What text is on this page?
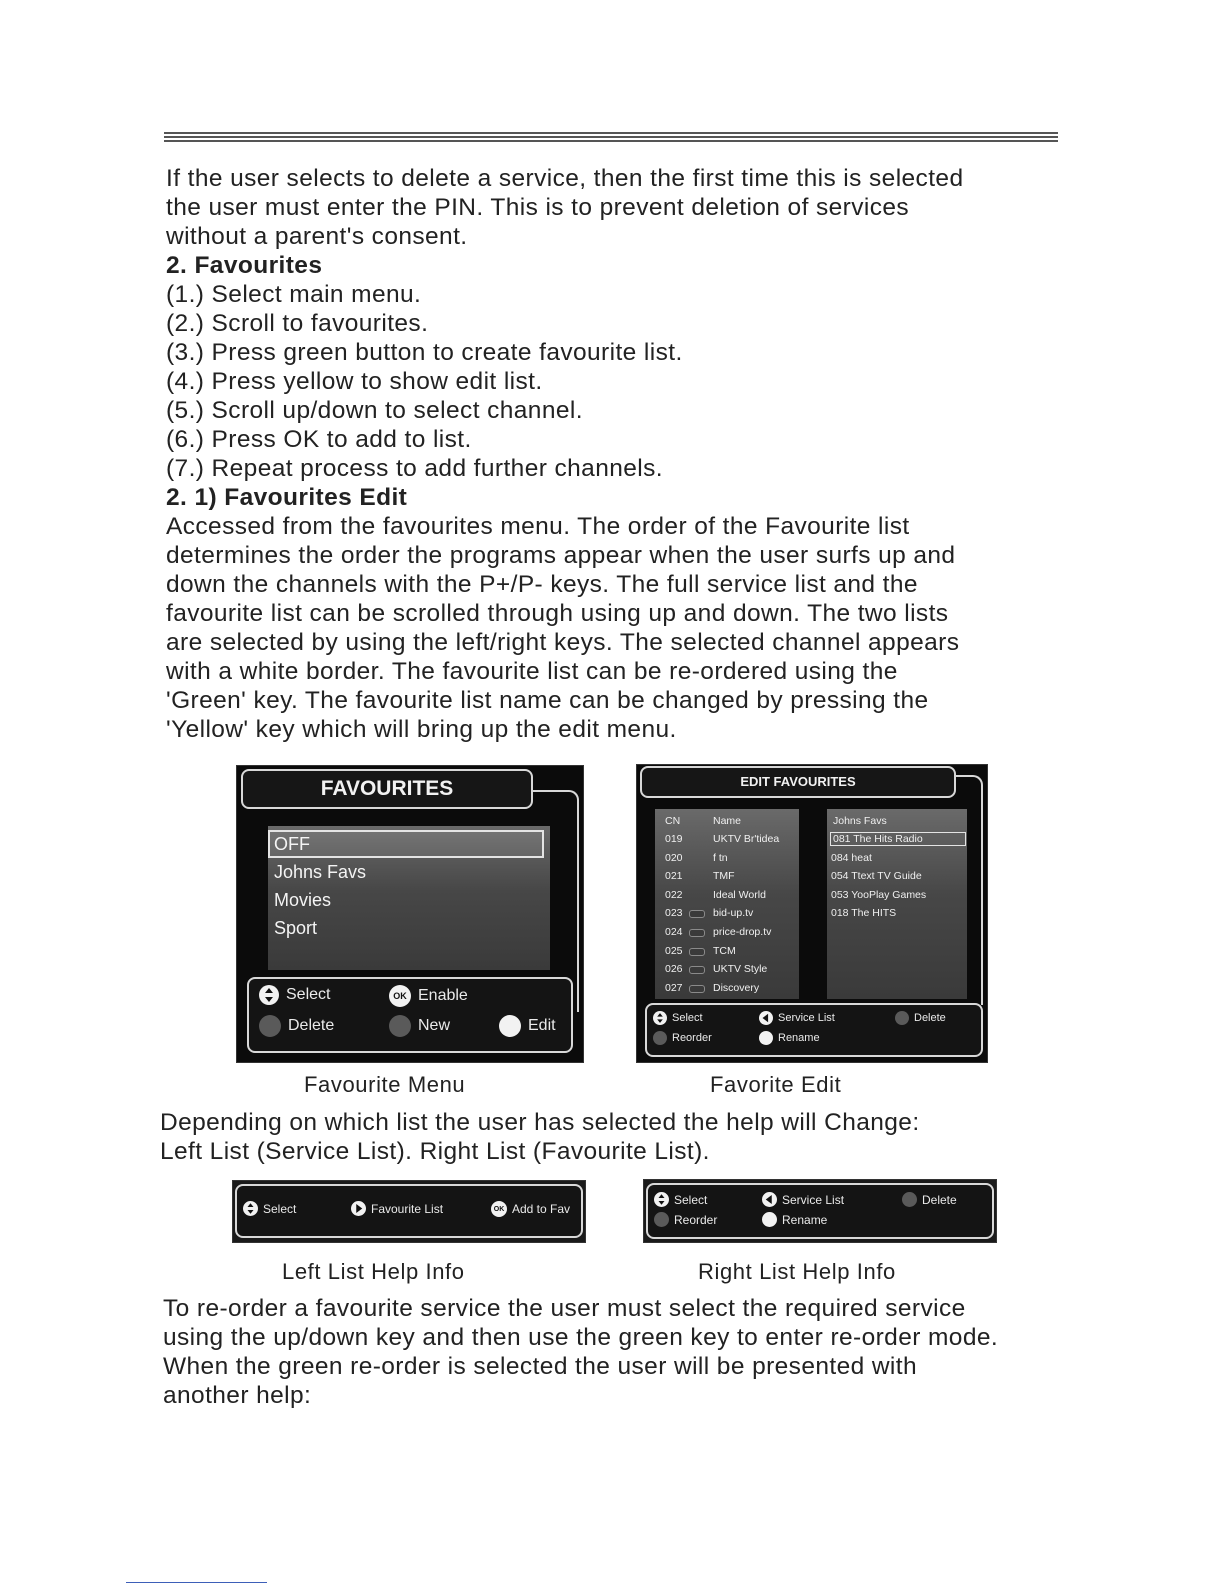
If the user selects to delete a service, then the first time this is selected

the user must enter the PIN. This is to prevent deletion of services

without a parent's consent.

2. Favourites

(1.) Select main menu.

(2.) Scroll to favourites.

(3.) Press green button to create favourite list.

(4.) Press yellow to show edit list.

(5.) Scroll up/down to select channel.

(6.) Press OK to add to list.

(7.) Repeat process to add further channels.

2. 1) Favourites Edit

Accessed from the favourites menu. The order of the Favourite list

determines the order the programs appear when the user surfs up and

down the channels with the P+/P- keys. The full service list and the

favourite list can be scrolled through using up and down. The two lists

are selected by using the left/right keys. The selected channel appears

with a white border. The favourite list can be re-ordered using the

'Green' key. The favourite list name can be changed by pressing the

'Yellow' key which will bring up the edit menu.

FAVOURITES
OFF
Johns Favs
Movies
Sport
Select	OK Enable
Delete	New	Edit
EDIT FAVOURITES
CN	Name
019	UKTV Br'tidea
020	f tn
021	TMF
022	Ideal World
023	bid-up.tv
024	price-drop.tv
025	TCM
026	UKTV Style
027	Discovery
Johns Favs
081 The Hits Radio
084 heat
054 Ttext TV Guide
053 YooPlay Games
018 The HITS
Select	Service List	Delete
Reorder	Rename
Favourite Menu	Favorite Edit

Depending on which list the user has selected the help will Change:

Left List (Service List). Right List (Favourite List).

Select	Favourite List	OK Add to Fav
Select	Service List	Delete
Reorder	Rename
Left List Help Info	Right List Help Info

To re-order a favourite service the user must select the required service

using the up/down key and then use the green key to enter re-order mode.

When the green re-order is selected the user will be presented with

another help:
